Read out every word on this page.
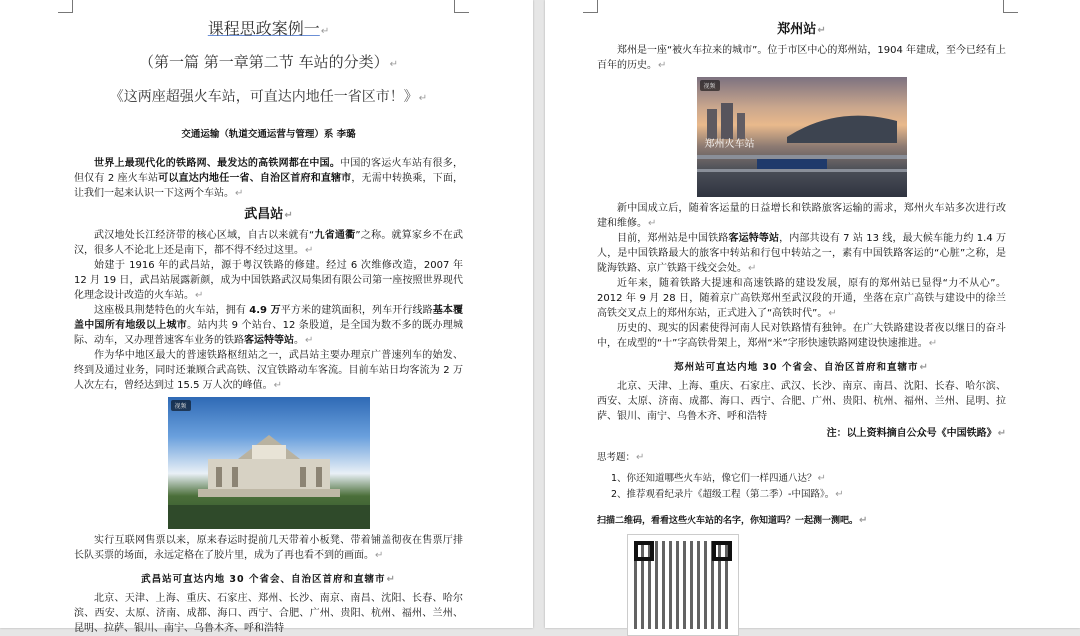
课程思政案例一↵
（第一篇 第一章第二节 车站的分类）↵
《这两座超强火车站，可直达内地任一省区市！》↵
交通运输（轨道交通运营与管理）系 李璐

世界上最现代化的铁路网、最发达的高铁网都在中国。中国的客运火车站有很多，但仅有 2 座火车站可以直达内地任一省、自治区首府和直辖市，无需中转换乘，下面，让我们一起来认识一下这两个车站。↵

武昌站↵

武汉地处长江经济带的核心区域，自古以来就有“九省通衢”之称。就算家乡不在武汉，很多人不论北上还是南下，都不得不经过这里。↵

始建于 1916 年的武昌站，源于粤汉铁路的修建。经过 6 次维修改造，2007 年 12 月 19 日，武昌站展露新颜，成为中国铁路武汉局集团有限公司第一座按照世界现代化理念设计改造的火车站。↵

这座极具荆楚特色的火车站，拥有 4.9 万平方米的建筑面积，列车开行线路基本覆盖中国所有地级以上城市。站内共 9 个站台、12 条股道，是全国为数不多的既办理城际、动车，又办理普速客车业务的铁路客运特等站。↵

作为华中地区最大的普速铁路枢纽站之一，武昌站主要办理京广普速列车的始发、终到及通过业务，同时还兼顾合武高铁、汉宜铁路动车客流。目前车站日均客流为 2 万人次左右，曾经达到过 15.5 万人次的峰值。↵

视频

实行互联网售票以来，原来春运时提前几天带着小板凳、带着铺盖彻夜在售票厅排长队买票的场面，永远定格在了胶片里，成为了再也看不到的画面。↵

武昌站可直达内地 30 个省会、自治区首府和直辖市↵

北京、天津、上海、重庆、石家庄、郑州、长沙、南京、南昌、沈阳、长春、哈尔滨、西安、太原、济南、成都、海口、西宁、合肥、广州、贵阳、杭州、福州、兰州、昆明、拉萨、银川、南宁、乌鲁木齐、呼和浩特

郑州站↵

郑州是一座“被火车拉来的城市”。位于市区中心的郑州站，1904 年建成，至今已经有上百年的历史。↵

视频
郑州火车站

新中国成立后，随着客运量的日益增长和铁路旅客运输的需求，郑州火车站多次进行改建和维修。↵

目前，郑州站是中国铁路客运特等站，内部共设有 7 站 13 线，最大候车能力约 1.4 万人，是中国铁路最大的旅客中转站和行包中转站之一，素有中国铁路客运的“心脏”之称，是陇海铁路、京广铁路干线交会处。↵

近年来，随着铁路大提速和高速铁路的建设发展，原有的郑州站已显得“力不从心”。2012 年 9 月 28 日，随着京广高铁郑州至武汉段的开通，坐落在京广高铁与建设中的徐兰高铁交叉点上的郑州东站，正式进入了“高铁时代”。↵

历史的、现实的因素使得河南人民对铁路情有独钟。在广大铁路建设者夜以继日的奋斗中，在成型的“十”字高铁骨架上，郑州“米”字形快速铁路网建设快速推进。↵

郑州站可直达内地 30 个省会、自治区首府和直辖市↵

北京、天津、上海、重庆、石家庄、武汉、长沙、南京、南昌、沈阳、长春、哈尔滨、西安、太原、济南、成都、海口、西宁、合肥、广州、贵阳、杭州、福州、兰州、昆明、拉萨、银川、南宁、乌鲁木齐、呼和浩特

注：以上资料摘自公众号《中国铁路》↵

思考题：↵
1、你还知道哪些火车站，像它们一样四通八达？↵
2、推荐观看纪录片《超级工程（第二季）-中国路》。↵
扫描二维码，看看这些火车站的名字，你知道吗？一起测一测吧。↵
